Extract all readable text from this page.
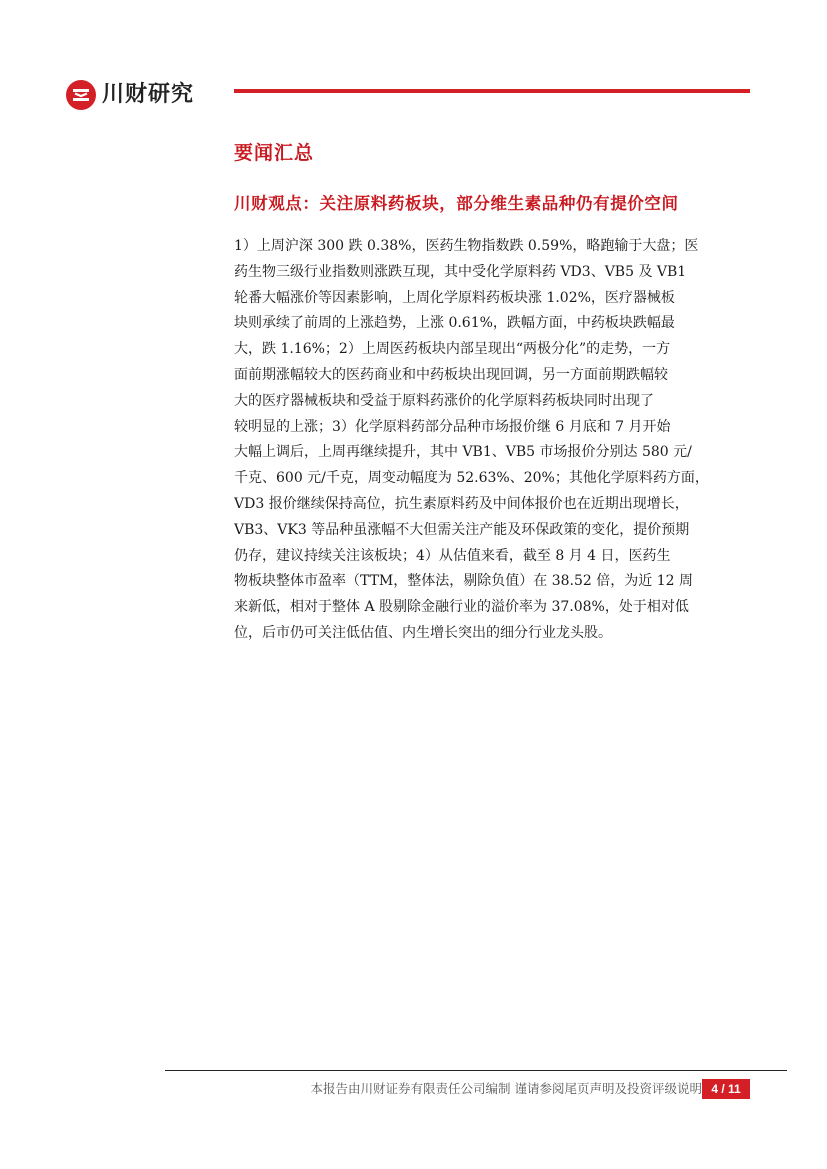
川财研究
要闻汇总
川财观点：关注原料药板块，部分维生素品种仍有提价空间
1）上周沪深 300 跌 0.38%，医药生物指数跌 0.59%，略跑输于大盘；医
药生物三级行业指数则涨跌互现，其中受化学原料药 VD3、VB5 及 VB1
轮番大幅涨价等因素影响，上周化学原料药板块涨 1.02%，医疗器械板
块则承续了前周的上涨趋势，上涨 0.61%，跌幅方面，中药板块跌幅最
大，跌 1.16%；2）上周医药板块内部呈现出“两极分化”的走势，一方
面前期涨幅较大的医药商业和中药板块出现回调，另一方面前期跌幅较
大的医疗器械板块和受益于原料药涨价的化学原料药板块同时出现了
较明显的上涨；3）化学原料药部分品种市场报价继 6 月底和 7 月开始
大幅上调后，上周再继续提升，其中 VB1、VB5 市场报价分别达 580 元/
千克、600 元/千克，周变动幅度为 52.63%、20%；其他化学原料药方面，
VD3 报价继续保持高位，抗生素原料药及中间体报价也在近期出现增长，
VB3、VK3 等品种虽涨幅不大但需关注产能及环保政策的变化，提价预期
仍存，建议持续关注该板块；4）从估值来看，截至 8 月 4 日，医药生
物板块整体市盈率（TTM，整体法，剔除负值）在 38.52 倍，为近 12 周
来新低，相对于整体 A 股剔除金融行业的溢价率为 37.08%，处于相对低
位，后市仍可关注低估值、内生增长突出的细分行业龙头股。
本报告由川财证券有限责任公司编制 谨请参阅尾页声明及投资评级说明 4 / 11
